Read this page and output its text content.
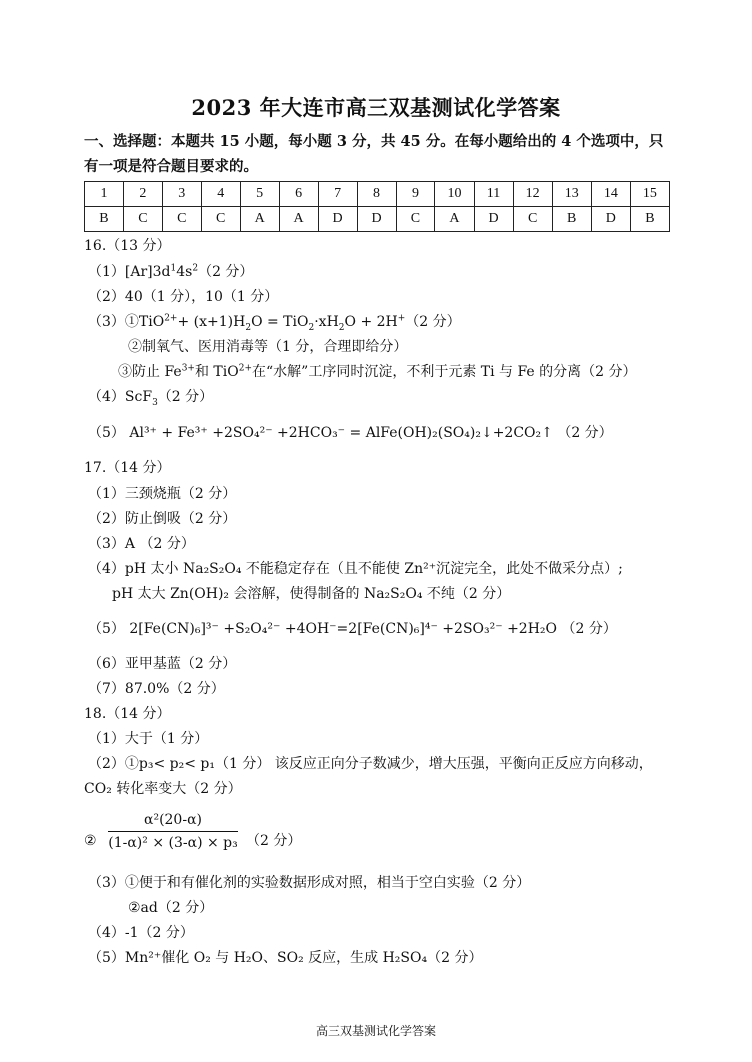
2023 年大连市高三双基测试化学答案
一、选择题：本题共 15 小题，每小题 3 分，共 45 分。在每小题给出的 4 个选项中，只
有一项是符合题目要求的。
1	2	3	4	5	6	7	8	9	10	11	12	13	14	15
B	C	C	C	A	A	D	D	C	A	D	C	B	D	B
16.（13 分）
$(1)[Ar]3d^14s^2(2$ 分）
（2）40（1 分），10（1 分）
（3）①TiO$^{2+}$+ $(x+1)H_2O = TiO_2\cdot xH_2O + 2H^+(2$ 分）
②制氧气、医用消毒等（1 分，合理即给分）
③防止 $Fe^{3+}$和 TiO$^{2+}$在“水解”工序同时沉淀，不利于元素 Ti 与 Fe 的分离（2 分）
（4）ScF$_3$（2 分）
（5） Al³⁺ + Fe³⁺ +2SO₄²⁻ +2HCO₃⁻ = AlFe(OH)₂(SO₄)₂↓+2CO₂↑ （2 分）
17.（14 分）
（1）三颈烧瓶（2 分）
（2）防止倒吸（2 分）
（3）A （2 分）
（4）pH 太小 Na₂S₂O₄ 不能稳定存在（且不能使 Zn²⁺沉淀完全，此处不做采分点）;
pH 太大 Zn(OH)₂ 会溶解，使得制备的 Na₂S₂O₄ 不纯（2 分）
（5） 2[Fe(CN)₆]³⁻ +S₂O₄²⁻ +4OH⁻=2[Fe(CN)₆]⁴⁻ +2SO₃²⁻ +2H₂O （2 分）
（6）亚甲基蓝（2 分）
（7）87.0%（2 分）
18.（14 分）
（1）大于（1 分）
（2）①p₃< p₂< p₁（1 分） 该反应正向分子数减少，增大压强，平衡向正反应方向移动，
CO₂ 转化率变大（2 分）
② $\frac{\text{α²(20-α)}}{\text{(1-α)² × (3-α) × p₃}} (2$ 分）
（3）①便于和有催化剂的实验数据形成对照，相当于空白实验（2 分）
②ad（2 分）
（4）-1（2 分）
（5）Mn²⁺催化 O₂ 与 H₂O、SO₂ 反应，生成 H₂SO₄（2 分）
高三双基测试化学答案
